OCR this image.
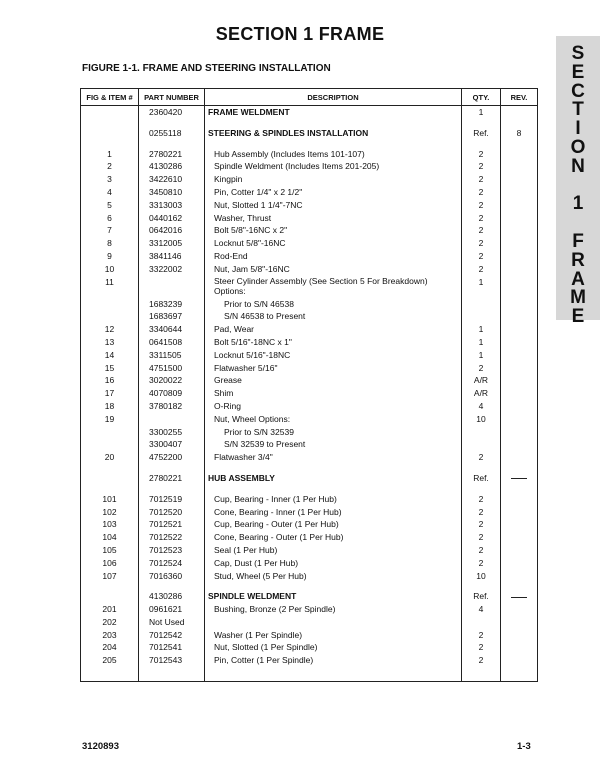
SECTION 1 FRAME
FIGURE 1-1. FRAME AND STEERING INSTALLATION
S
E
C
T
I
O
N
1
F
R
A
M
E
FIG & ITEM #	PART NUMBER	DESCRIPTION	QTY.	REV.
	2360420	FRAME WELDMENT	1	

	0255118	STEERING & SPINDLES INSTALLATION	Ref.	8

1	2780221	Hub Assembly (Includes Items 101-107)	2	
2	4130286	Spindle Weldment (Includes Items 201-205)	2	
3	3422610	Kingpin	2	
4	3450810	Pin, Cotter 1/4" x 2 1/2"	2	
5	3313003	Nut, Slotted 1 1/4"-7NC	2	
6	0440162	Washer, Thrust	2	
7	0642016	Bolt 5/8"-16NC x 2"	2	
8	3312005	Locknut 5/8"-16NC	2	
9	3841146	Rod-End	2	
10	3322002	Nut, Jam 5/8"-16NC	2	
11		Steer Cylinder Assembly (See Section 5 For Breakdown) Options:	1	
	1683239	Prior to S/N 46538		
	1683697	S/N 46538 to Present		
12	3340644	Pad, Wear	1	
13	0641508	Bolt 5/16"-18NC x 1"	1	
14	3311505	Locknut 5/16"-18NC	1	
15	4751500	Flatwasher 5/16"	2	
16	3020022	Grease	A/R	
17	4070809	Shim	A/R	
18	3780182	O-Ring	4	
19		Nut, Wheel Options:	10	
	3300255	Prior to S/N 32539		
	3300407	S/N 32539 to Present		
20	4752200	Flatwasher 3/4"	2	

	2780221	HUB ASSEMBLY	Ref.	

101	7012519	Cup, Bearing - Inner (1 Per Hub)	2	
102	7012520	Cone, Bearing - Inner (1 Per Hub)	2	
103	7012521	Cup, Bearing - Outer (1 Per Hub)	2	
104	7012522	Cone, Bearing - Outer (1 Per Hub)	2	
105	7012523	Seal (1 Per Hub)	2	
106	7012524	Cap, Dust (1 Per Hub)	2	
107	7016360	Stud, Wheel (5 Per Hub)	10	

	4130286	SPINDLE WELDMENT	Ref.	
201	0961621	Bushing, Bronze (2 Per Spindle)	4	
202	Not Used			
203	7012542	Washer (1 Per Spindle)	2	
204	7012541	Nut, Slotted (1 Per Spindle)	2	
205	7012543	Pin, Cotter (1 Per Spindle)	2	

3120893	1-3
